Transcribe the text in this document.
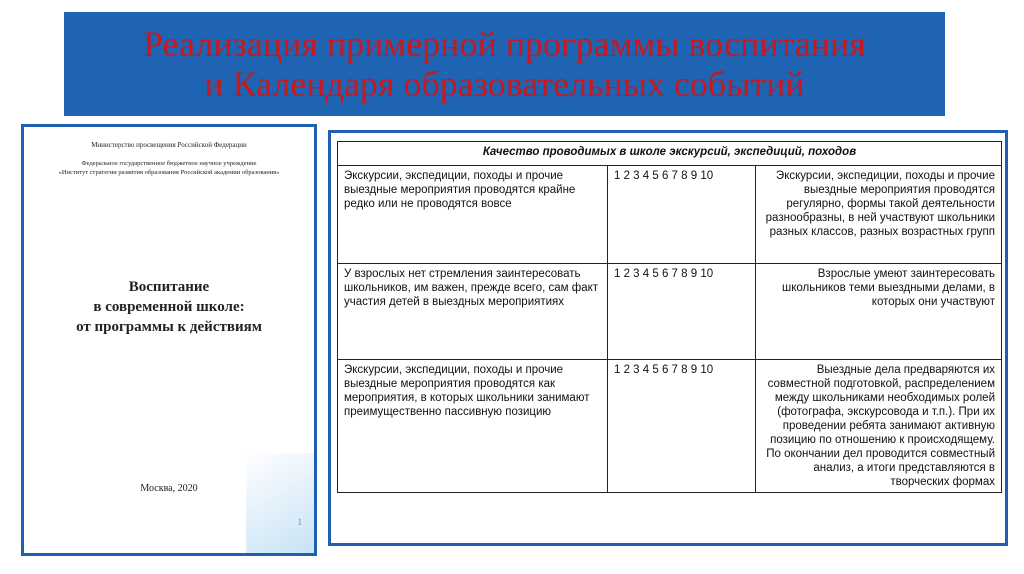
Реализация примерной программы воспитания
и Календаря образовательных событий
Министерство просвещения Российской Федерации
Федеральное государственное бюджетное научное учреждение
«Институт стратегии развития образования Российской академии образования»
Воспитание
в современной школе:
от программы к действиям
Москва, 2020
1
Качество проводимых в школе экскурсий, экспедиций, походов		
Экскурсии, экспедиции, походы и прочие выездные мероприятия проводятся крайне редко или не проводятся вовсе	1 2 3 4 5 6 7 8 9 10	Экскурсии, экспедиции, походы и прочие выездные мероприятия проводятся регулярно, формы такой деятельности разнообразны, в ней участвуют школьники разных классов, разных возрастных групп
У взрослых нет стремления заинтересовать школьников, им важен, прежде всего, сам факт участия детей в выездных мероприятиях	1 2 3 4 5 6 7 8 9 10	Взрослые умеют заинтересовать школьников теми выездными делами, в которых они участвуют
Экскурсии, экспедиции, походы и прочие выездные мероприятия проводятся как мероприятия, в которых школьники занимают преимущественно пассивную позицию	1 2 3 4 5 6 7 8 9 10	Выездные дела предваряются их совместной подготовкой, распределением между школьниками необходимых ролей (фотографа, экскурсовода и т.п.). При их проведении ребята занимают активную позицию по отношению к происходящему. По окончании дел проводится совместный анализ, а итоги представляются в творческих формах
